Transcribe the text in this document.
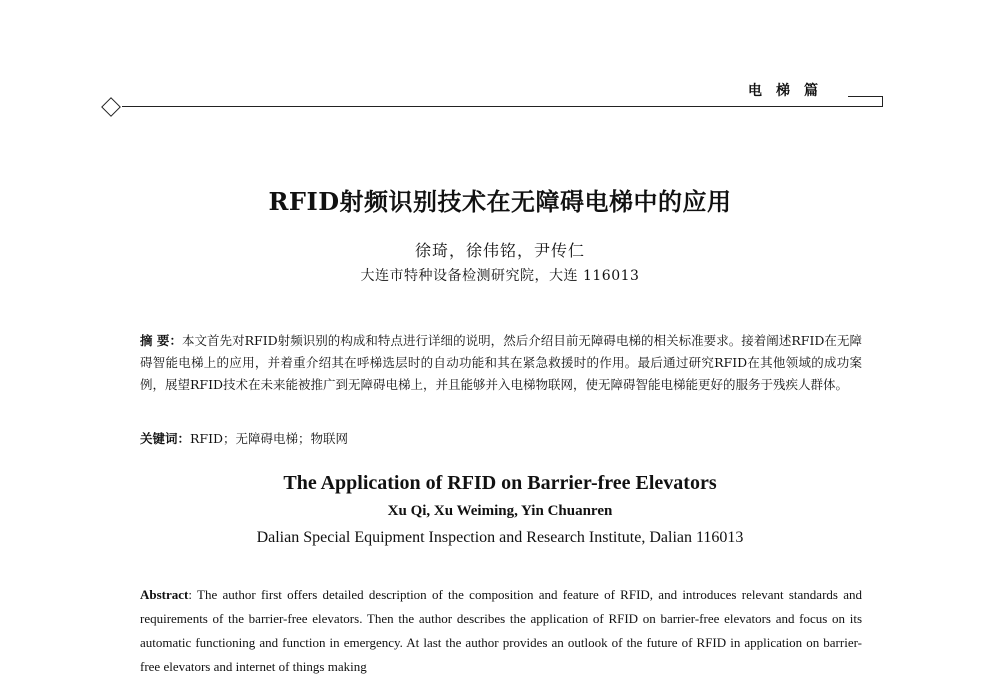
电梯篇
RFID射频识别技术在无障碍电梯中的应用
徐琦，徐伟铭，尹传仁
大连市特种设备检测研究院，大连 116013
摘 要：本文首先对RFID射频识别的构成和特点进行详细的说明，然后介绍目前无障碍电梯的相关标准要求。接着阐述RFID在无障碍智能电梯上的应用，并着重介绍其在呼梯选层时的自动功能和其在紧急救援时的作用。最后通过研究RFID在其他领域的成功案例，展望RFID技术在未来能被推广到无障碍电梯上，并且能够并入电梯物联网，使无障碍智能电梯能更好的服务于残疾人群体。
关键词：RFID；无障碍电梯；物联网
The Application of RFID on Barrier-free Elevators
Xu Qi, Xu Weiming, Yin Chuanren
Dalian Special Equipment Inspection and Research Institute, Dalian 116013
Abstract: The author first offers detailed description of the composition and feature of RFID, and introduces relevant standards and requirements of the barrier-free elevators. Then the author describes the application of RFID on barrier-free elevators and focus on its automatic functioning and function in emergency. At last the author provides an outlook of the future of RFID in application on barrier-free elevators and internet of things making
